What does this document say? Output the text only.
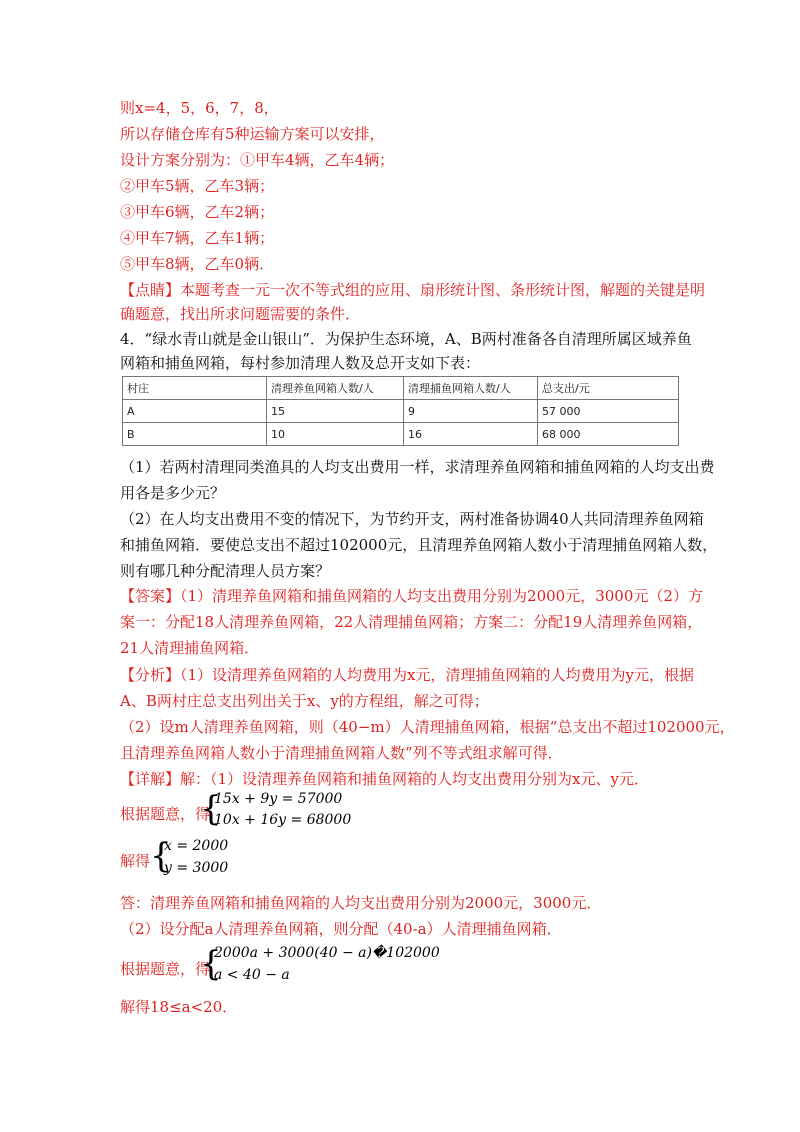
则x=4，5，6，7，8，
所以存储仓库有5种运输方案可以安排，
设计方案分别为：①甲车4辆，乙车4辆；
②甲车5辆，乙车3辆；
③甲车6辆，乙车2辆；
④甲车7辆，乙车1辆；
⑤甲车8辆，乙车0辆．
【点睛】本题考查一元一次不等式组的应用、扇形统计图、条形统计图，解题的关键是明
确题意，找出所求问题需要的条件．
4．“绿水青山就是金山银山”．为保护生态环境，A、B两村准备各自清理所属区域养鱼
网箱和捕鱼网箱，每村参加清理人数及总开支如下表：
村庄	清理养鱼网箱人数/人	清理捕鱼网箱人数/人	总支出/元
A	15	9	57 000
B	10	16	68 000
（1）若两村清理同类渔具的人均支出费用一样，求清理养鱼网箱和捕鱼网箱的人均支出费
用各是多少元？
（2）在人均支出费用不变的情况下，为节约开支，两村准备协调40人共同清理养鱼网箱
和捕鱼网箱．要使总支出不超过102000元，且清理养鱼网箱人数小于清理捕鱼网箱人数，
则有哪几种分配清理人员方案？
【答案】（1）清理养鱼网箱和捕鱼网箱的人均支出费用分别为2000元，3000元（2）方
案一：分配18人清理养鱼网箱，22人清理捕鱼网箱；方案二：分配19人清理养鱼网箱，
21人清理捕鱼网箱．
【分析】（1）设清理养鱼网箱的人均费用为x元，清理捕鱼网箱的人均费用为y元，根据
A、B两村庄总支出列出关于x、y的方程组，解之可得；
（2）设m人清理养鱼网箱，则（40−m）人清理捕鱼网箱，根据“总支出不超过102000元，
且清理养鱼网箱人数小于清理捕鱼网箱人数”列不等式组求解可得．
【详解】解：（1）设清理养鱼网箱和捕鱼网箱的人均支出费用分别为x元、y元．
根据题意，得
{
15x + 9y = 57000
10x + 16y = 68000
解得 {
x = 2000
y = 3000
答：清理养鱼网箱和捕鱼网箱的人均支出费用分别为2000元，3000元．
（2）设分配a人清理养鱼网箱，则分配（40-a）人清理捕鱼网箱．
根据题意，得
{
2000a + 3000(40 − a)�102000
a < 40 − a
解得18≤a<20．
